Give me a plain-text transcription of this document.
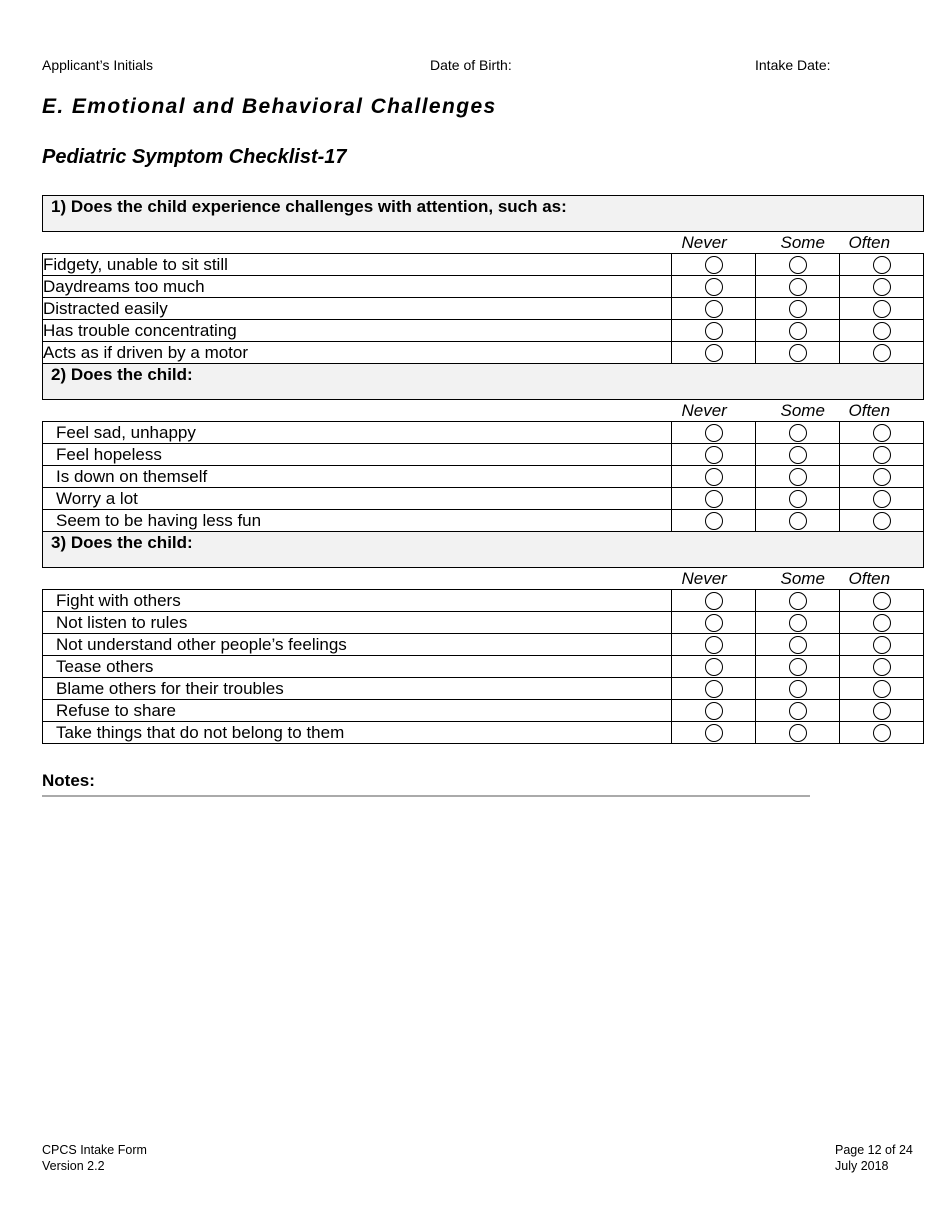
Applicant’s Initials	Date of Birth:	Intake Date:
E. Emotional and Behavioral Challenges
Pediatric Symptom Checklist-17
1) Does the child experience challenges with attention, such as:			

Never Some Often			

Fidgety, unable to sit still			
Daydreams too much			
Distracted easily			
Has trouble concentrating			
Acts as if driven by a motor			
2) Does the child:			

Never Some Often			

Feel sad, unhappy			
Feel hopeless			
Is down on themself			
Worry a lot			
Seem to be having less fun			
3) Does the child:			

Never Some Often			

Fight with others			
Not listen to rules			
Not understand other people’s feelings			
Tease others			
Blame others for their troubles			
Refuse to share			
Take things that do not belong to them			
Notes:
CPCS Intake Form
Version 2.2
Page 12 of 24
July 2018
